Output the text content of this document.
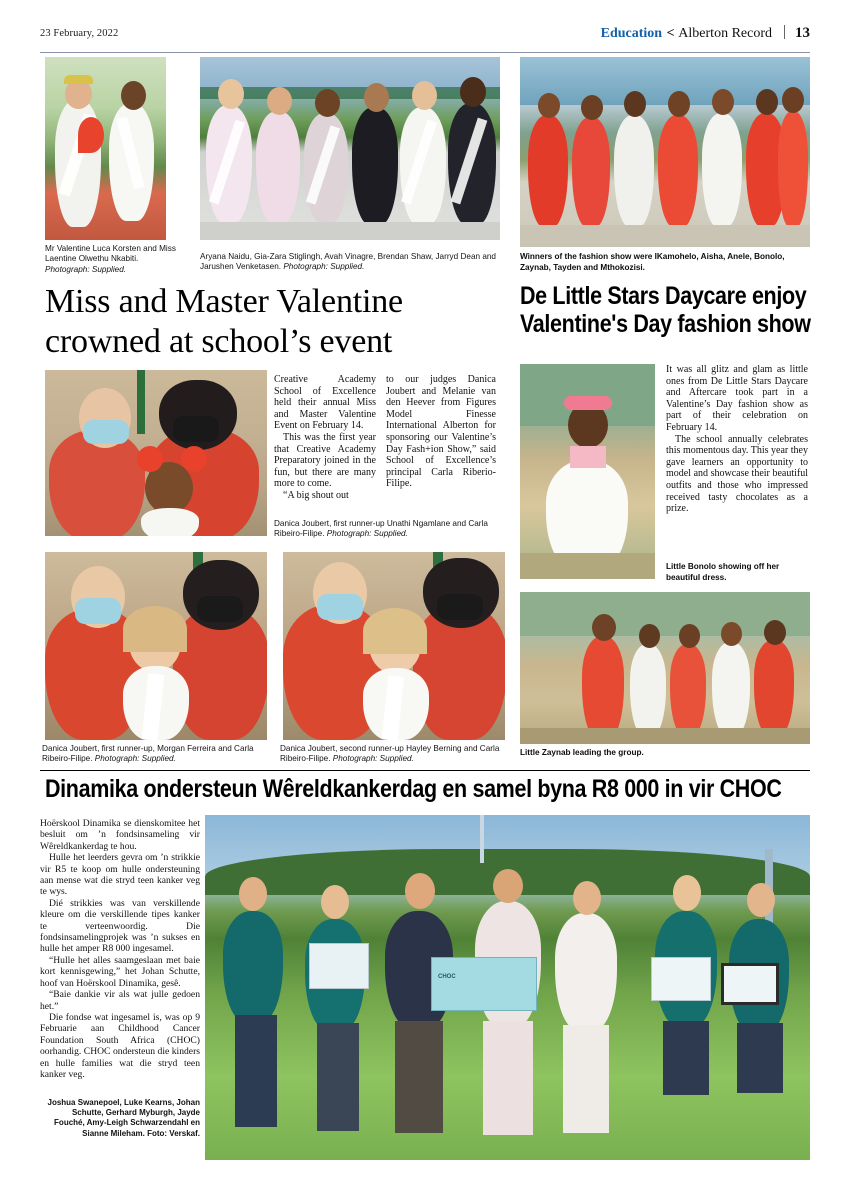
23 February, 2022	Education < Alberton Record 13
Mr Valentine Luca Korsten and Miss Laentine Olwethu Nkabiti. Photograph: Supplied.
Aryana Naidu, Gia-Zara Stiglingh, Avah Vinagre, Brendan Shaw, Jarryd Dean and Jarushen Venketasen. Photograph: Supplied.
Winners of the fashion show were IKamohelo, Aisha, Anele, Bonolo, Zaynab, Tayden and Mthokozisi.
Miss and Master Valentine
crowned at school’s event
Danica Joubert, first runner-up Unathi Ngamlane and Carla Ribeiro-Filipe. Photograph: Supplied.

Creative Academy School of Excellence held their annual Miss and Master Valentine Event on February 14.

This was the first year that Creative Academy Preparatory joined in the fun, but there are many more to come.

“A big shout out

to our judges Danica Joubert and Melanie van den Heever from Figures Model Finesse International Alberton for sponsoring our Valentine’s Day Fash+ion Show,” said School of Excellence’s principal Carla Riberio-Filipe.

De Little Stars Daycare enjoy
Valentine's Day fashion show
Little Bonolo showing off her beautiful dress.

It was all glitz and glam as little ones from De Little Stars Daycare and Aftercare took part in a Valentine’s Day fashion show as part of their celebration on February 14.

The school annually celebrates this momentous day. This year they gave learners an opportunity to model and showcase their beautiful outfits and those who impressed received tasty chocolates as a prize.

Danica Joubert, first runner-up, Morgan Ferreira and Carla Ribeiro-Filipe. Photograph: Supplied.
Danica Joubert, second runner-up Hayley Berning and Carla Ribeiro-Filipe. Photograph: Supplied.
Little Zaynab leading the group.
Dinamika ondersteun Wêreldkankerdag en samel byna R8 000 in vir CHOC

Hoërskool Dinamika se dienskomitee het besluit om ’n fondsinsameling vir Wêreldkankerdag te hou.

Hulle het leerders gevra om ’n strikkie vir R5 te koop om hulle ondersteuning aan mense wat die stryd teen kanker veg te wys.

Dié strikkies was van verskillende kleure om die verskillende tipes kanker te verteenwoordig. Die fondsinsamelingprojek was ’n sukses en hulle het amper R8 000 ingesamel.

“Hulle het alles saamgeslaan met baie kort kennisgewing,” het Johan Schutte, hoof van Hoërskool Dinamika, gesê.

“Baie dankie vir als wat julle gedoen het.”

Die fondse wat ingesamel is, was op 9 Februarie aan Childhood Cancer Foundation South Africa (CHOC) oorhandig. CHOC ondersteun die kinders en hulle families wat die stryd teen kanker veg.

Joshua Swanepoel, Luke Kearns, Johan Schutte, Gerhard Myburgh, Jayde Fouché, Amy-Leigh Schwarzendahl en Sianne Mileham. Foto: Verskaf.
CHOC
